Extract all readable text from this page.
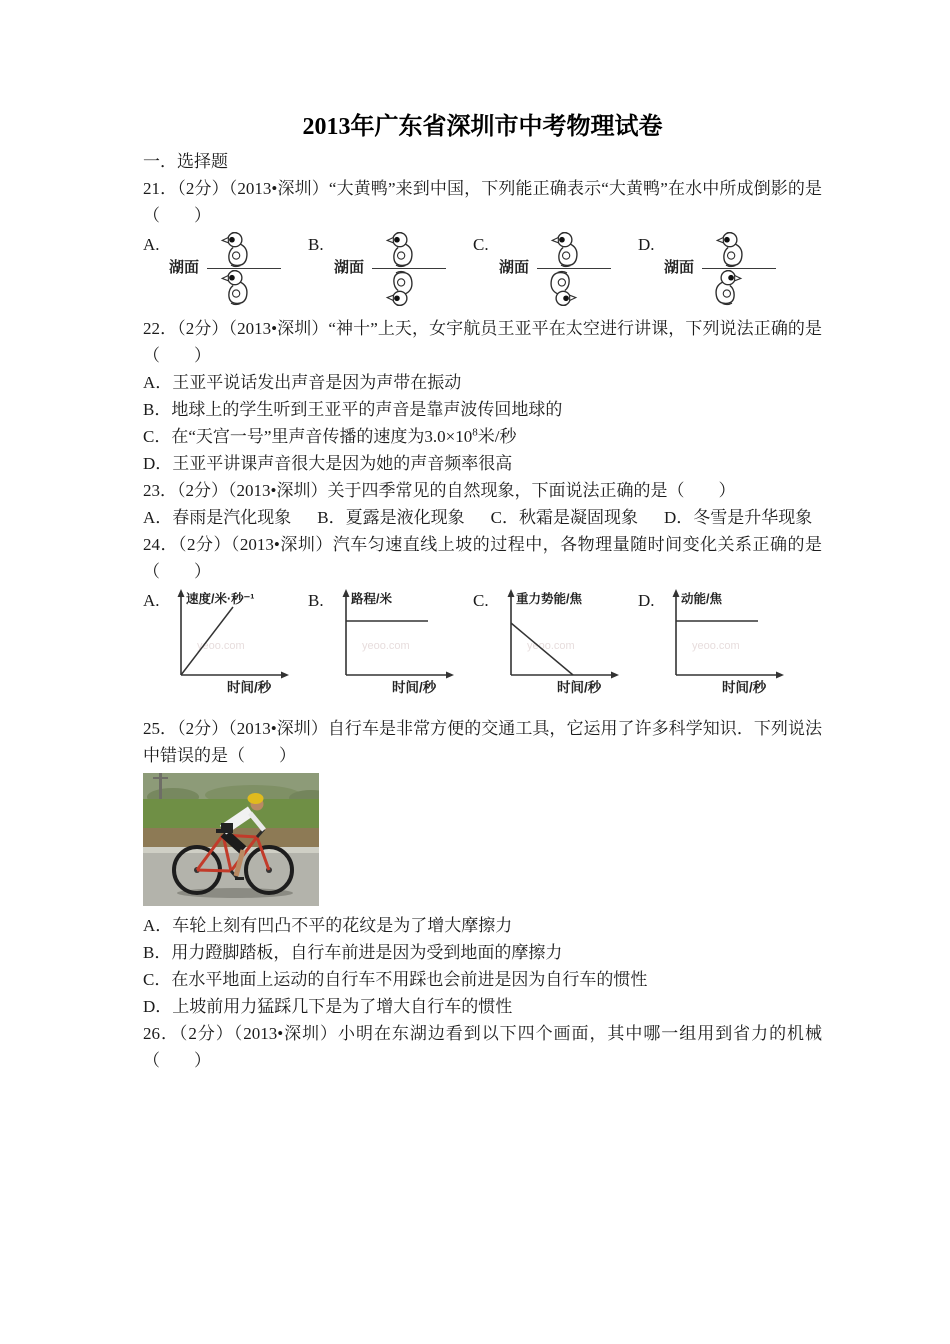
2013年广东省深圳市中考物理试卷
一．选择题

21．（2分）（2013•深圳）“大黄鸭”来到中国，下列能正确表示“大黄鸭”在水中所成倒影的是（　　）

A.
湖面
B.
湖面
C.
湖面
D.
湖面

22．（2分）（2013•深圳）“神十”上天，女宇航员王亚平在太空进行讲课，下列说法正确的是（　　）

A．王亚平说话发出声音是因为声带在振动

B．地球上的学生听到王亚平的声音是靠声波传回地球的

C．在“天宫一号”里声音传播的速度为$3.0\times 10^8$米/秒

D．王亚平讲课声音很大是因为她的声音频率很高

23．（2分）（2013•深圳）关于四季常见的自然现象，下面说法正确的是（　　）

A．春雨是汽化现象 B．夏露是液化现象 C．秋霜是凝固现象 D．冬雪是升华现象

24．（2分）（2013•深圳）汽车匀速直线上坡的过程中，各物理量随时间变化关系正确的是（　　）

A.
yeoo.com
速度/米·秒⁻¹
时间/秒
B.
yeoo.com
路程/米
时间/秒
C.
yeoo.com
重力势能/焦
时间/秒
D.
yeoo.com
动能/焦
时间/秒

25．（2分）（2013•深圳）自行车是非常方便的交通工具，它运用了许多科学知识．下列说法中错误的是（　　）

A．车轮上刻有凹凸不平的花纹是为了增大摩擦力

B．用力蹬脚踏板，自行车前进是因为受到地面的摩擦力

C．在水平地面上运动的自行车不用踩也会前进是因为自行车的惯性

D．上坡前用力猛踩几下是为了增大自行车的惯性

26．（2分）（2013•深圳）小明在东湖边看到以下四个画面，其中哪一组用到省力的机械（　　）
